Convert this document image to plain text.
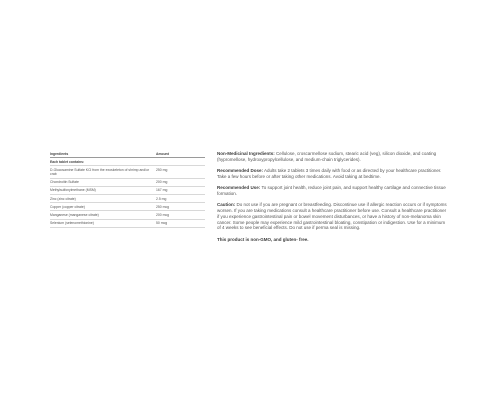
Ingredients	Amount
Each tablet contains:	
D-Glucosamine Sulfate KCl from the exoskeleton of shrimp and/or crab	250 mg
Chondroitin Sulfate	200 mg
Methylsulfonylmethane (MSM)	167 mg
Zinc (zinc citrate)	2.5 mg
Copper (copper citrate)	250 mcg
Manganese (manganese citrate)	200 mcg
Selenium (selenomethionine)	50 mcg

Non-Medicinal Ingredients: Cellulose, croscarmellose sodium, stearic acid (veg), silicon dioxide, and coating (hypromellose, hydroxypropylcellulose, and medium-chain triglycerides).

Recommended Dose: Adults take 2 tablets 3 times daily with food or as directed by your healthcare practitioner. Take a few hours before or after taking other medications. Avoid taking at bedtime.

Recommended Use: To support joint health, reduce joint pain, and support healthy cartilage and connective tissue formation.

Caution: Do not use if you are pregnant or breastfeeding. Discontinue use if allergic reaction occurs or if symptoms worsen. If you are taking medications consult a healthcare practitioner before use. Consult a healthcare practitioner if you experience gastrointestinal pain or bowel movement disturbances, or have a history of non-melanoma skin cancer. Some people may experience mild gastrointestinal bloating, constipation or indigestion. Use for a minimum of 4 weeks to see beneficial effects. Do not use if perma seal is missing.

This product is non-GMO, and gluten- free.
